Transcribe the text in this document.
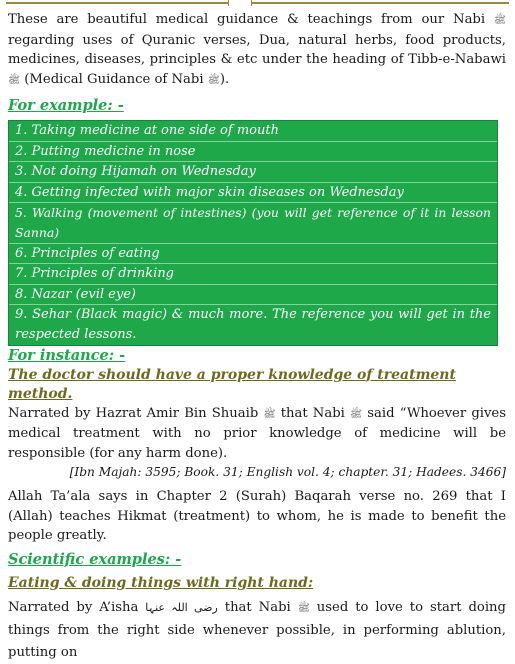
These are beautiful medical guidance & teachings from our Nabi ﷺ regarding uses of Quranic verses, Dua, natural herbs, food products, medicines, diseases, principles & etc under the heading of Tibb-e-Nabawi ﷺ (Medical Guidance of Nabi ﷺ).

For example: -
1. Taking medicine at one side of mouth
2. Putting medicine in nose
3. Not doing Hijamah on Wednesday
4. Getting infected with major skin diseases on Wednesday
5. Walking (movement of intestines) (you will get reference of it in lesson Sanna)
6. Principles of eating
7. Principles of drinking
8. Nazar (evil eye)
9. Sehar (Black magic) & much more. The reference you will get in the respected lessons.
For instance: -
The doctor should have a proper knowledge of treatment method.

Narrated by Hazrat Amir Bin Shuaib ﷺ that Nabi ﷺ said “Whoever gives medical treatment with no prior knowledge of medicine will be responsible (for any harm done).

[Ibn Majah: 3595; Book. 31; English vol. 4; chapter. 31; Hadees. 3466]

Allah Ta’ala says in Chapter 2 (Surah) Baqarah verse no. 269 that I (Allah) teaches Hikmat (treatment) to whom, he is made to benefit the people greatly.

Scientific examples: -
Eating & doing things with right hand:

Narrated by A’isha رضی اللہ عنہا that Nabi ﷺ used to love to start doing things from the right side whenever possible, in performing ablution, putting on
